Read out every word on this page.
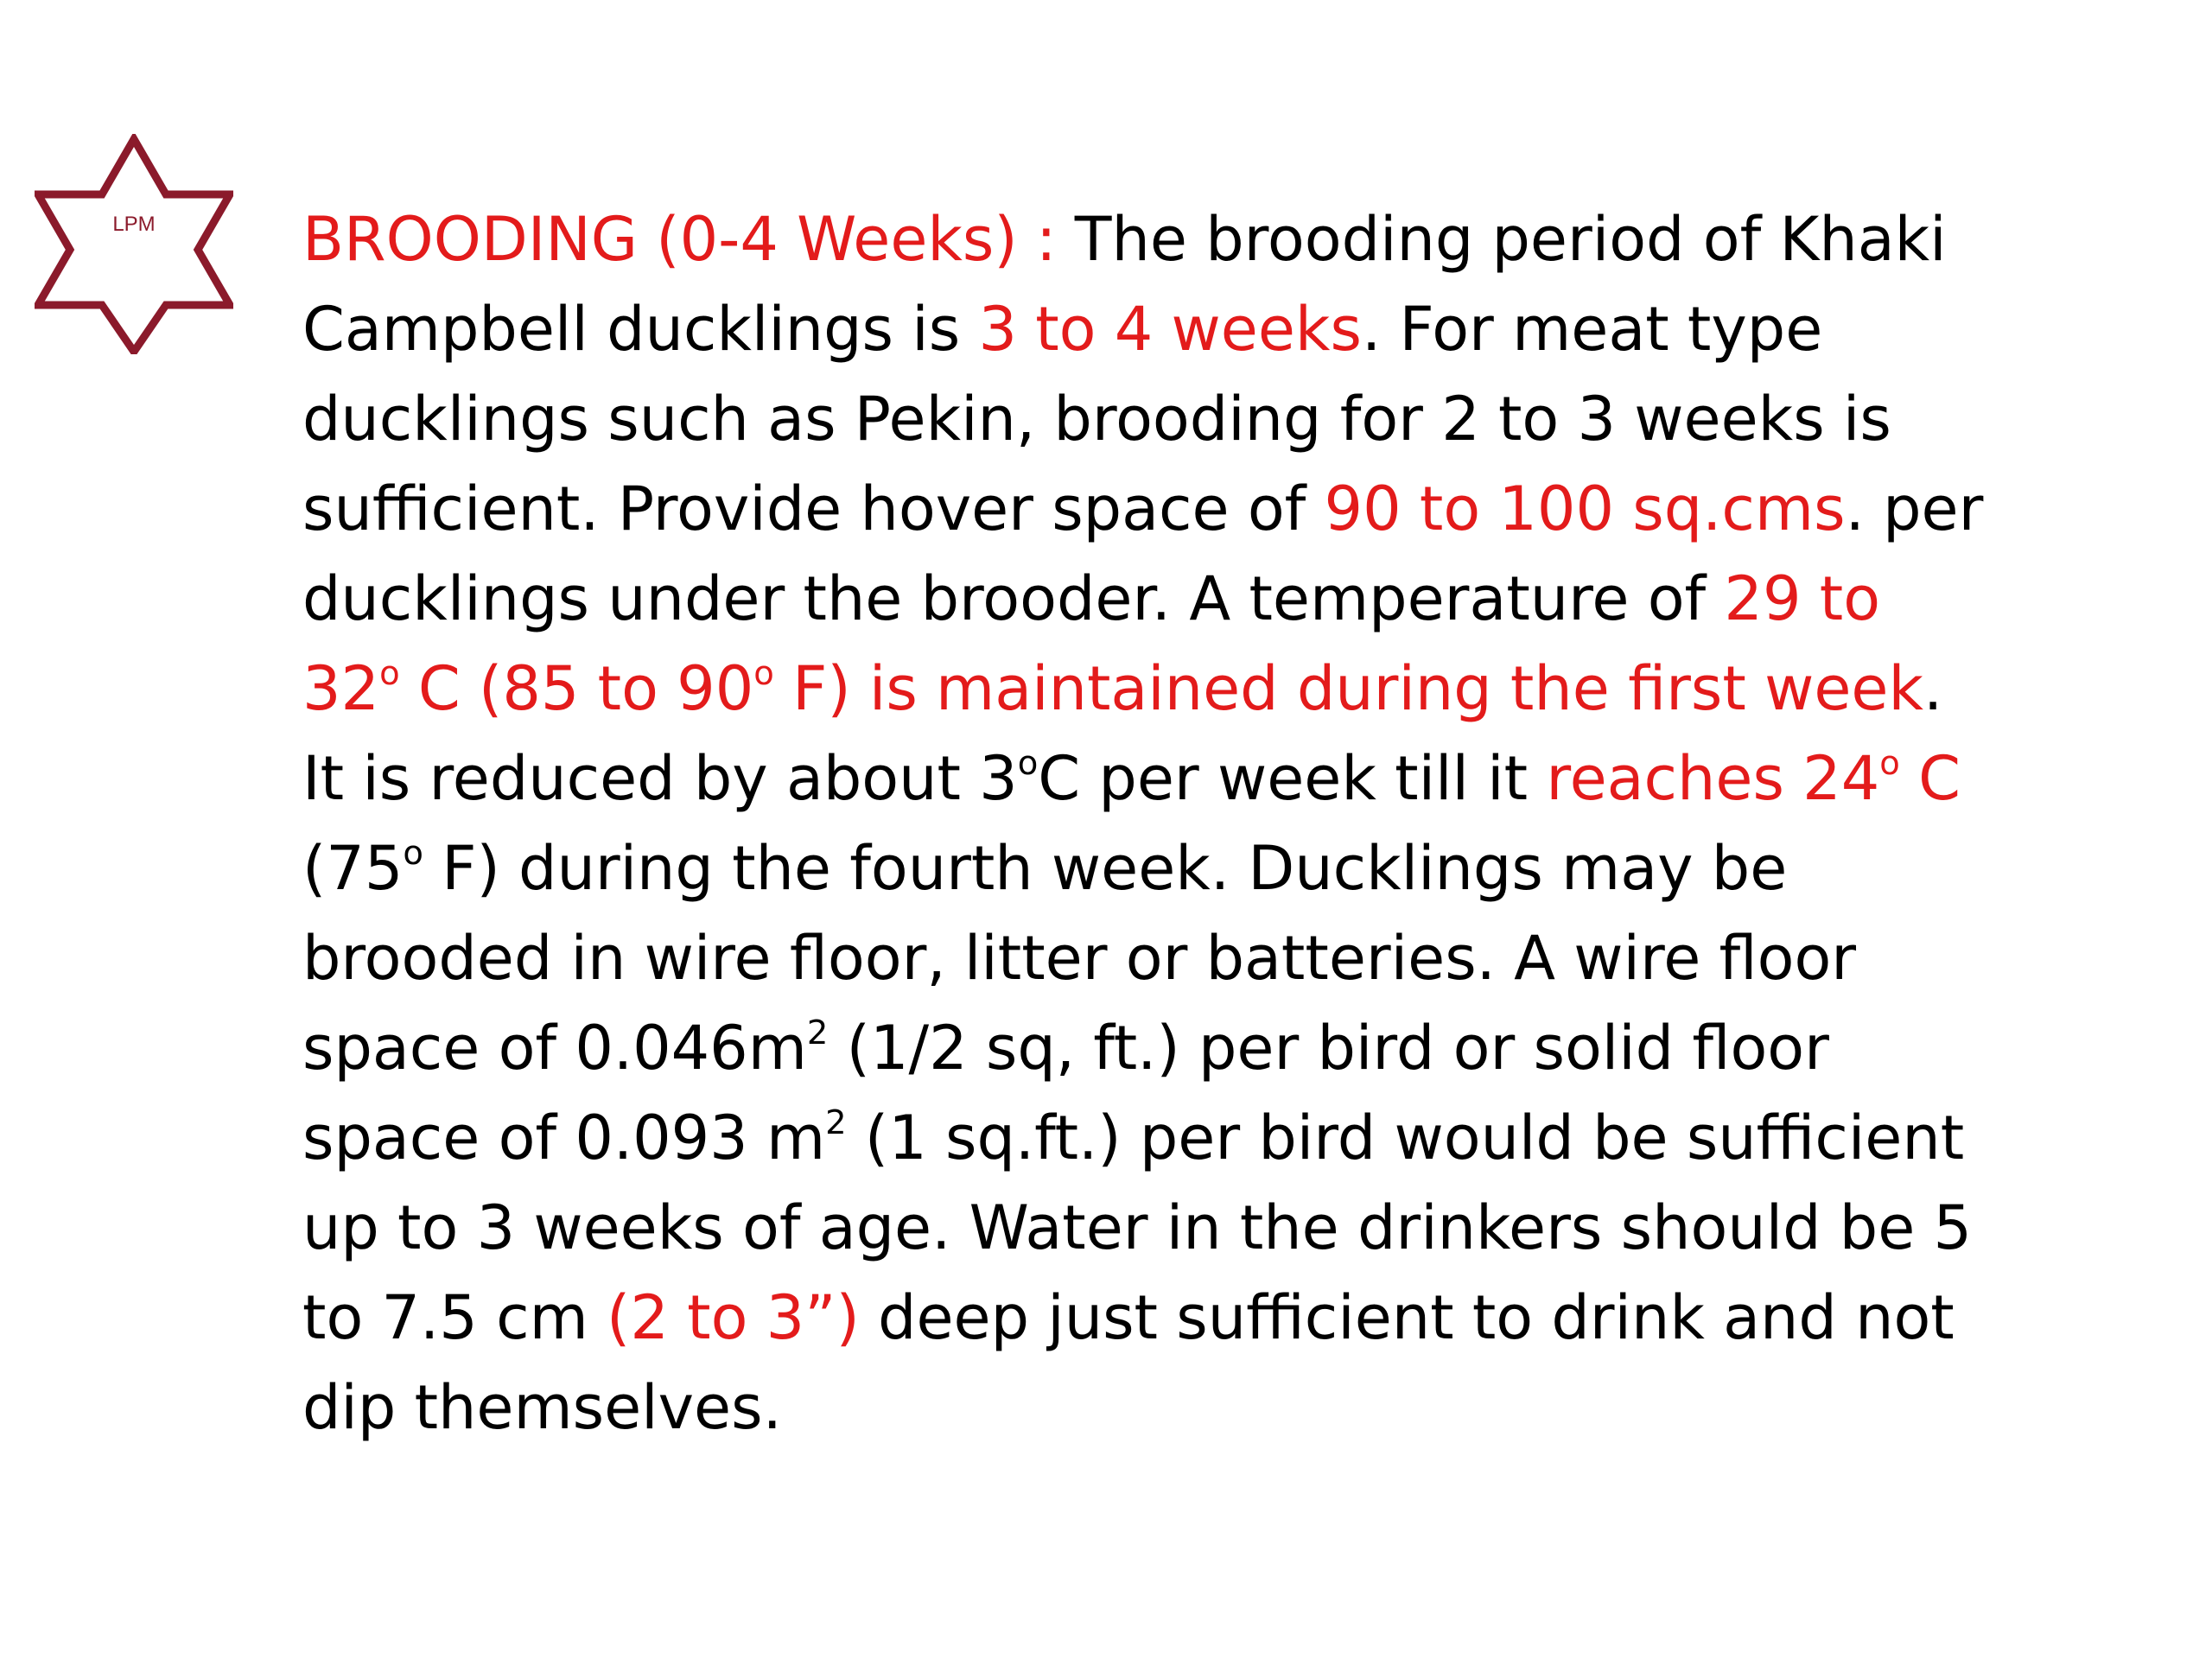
LPM BROODING (0-4 Weeks) : The brooding period of Khaki
Campbell ducklings is 3 to 4 weeks. For meat type
ducklings such as Pekin, brooding for 2 to 3 weeks is
sufficient. Provide hover space of 90 to 100 sq.cms. per
ducklings under the brooder. A temperature of 29 to
32$^o$ C (85 to 90$^o$ F) is maintained during the first week.
It is reduced by about 3$^o$C per week till it reaches 24$^o$ C
(75$^o$ F) during the fourth week. Ducklings may be
brooded in wire floor, litter or batteries. A wire floor
space of $0.046m^2$ (1/2 sq, ft.) per bird or solid floor
space of 0.093 $m^2$ (1 sq.ft.) per bird would be sufficient
up to 3 weeks of age. Water in the drinkers should be 5
to 7.5 cm (2 to 3”) deep just sufficient to drink and not
dip themselves.
